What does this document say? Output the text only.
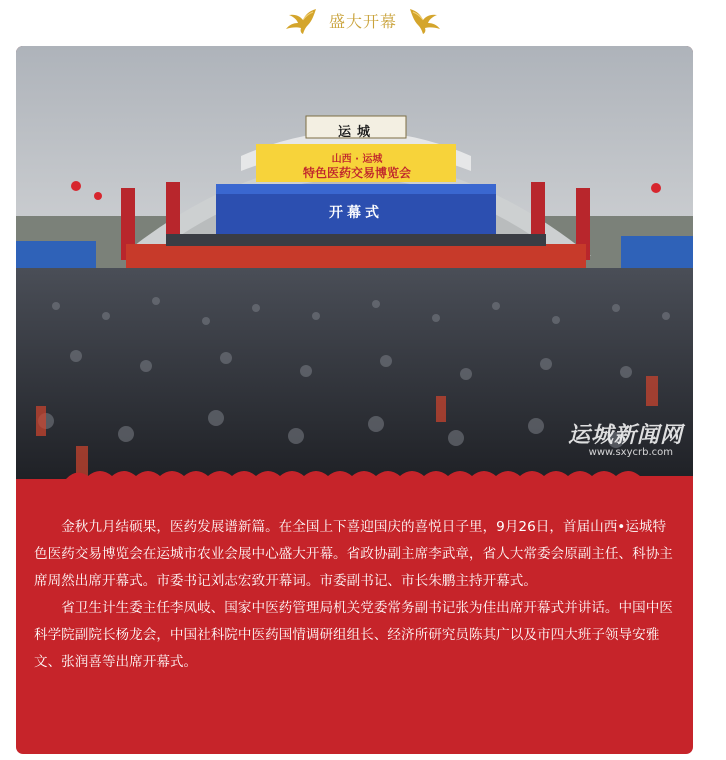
盛大开幕
运城
山西 · 运城
特色医药交易博览会
开幕式
运城新闻网
www.sxycrb.com

金秋九月结硕果，医药发展谱新篇。在全国上下喜迎国庆的喜悦日子里，9月26日，首届山西•运城特色医药交易博览会在运城市农业会展中心盛大开幕。省政协副主席李武章，省人大常委会原副主任、科协主席周然出席开幕式。市委书记刘志宏致开幕词。市委副书记、市长朱鹏主持开幕式。

省卫生计生委主任李凤岐、国家中医药管理局机关党委常务副书记张为佳出席开幕式并讲话。中国中医科学院副院长杨龙会，中国社科院中医药国情调研组组长、经济所研究员陈其广以及市四大班子领导安雅文、张润喜等出席开幕式。
